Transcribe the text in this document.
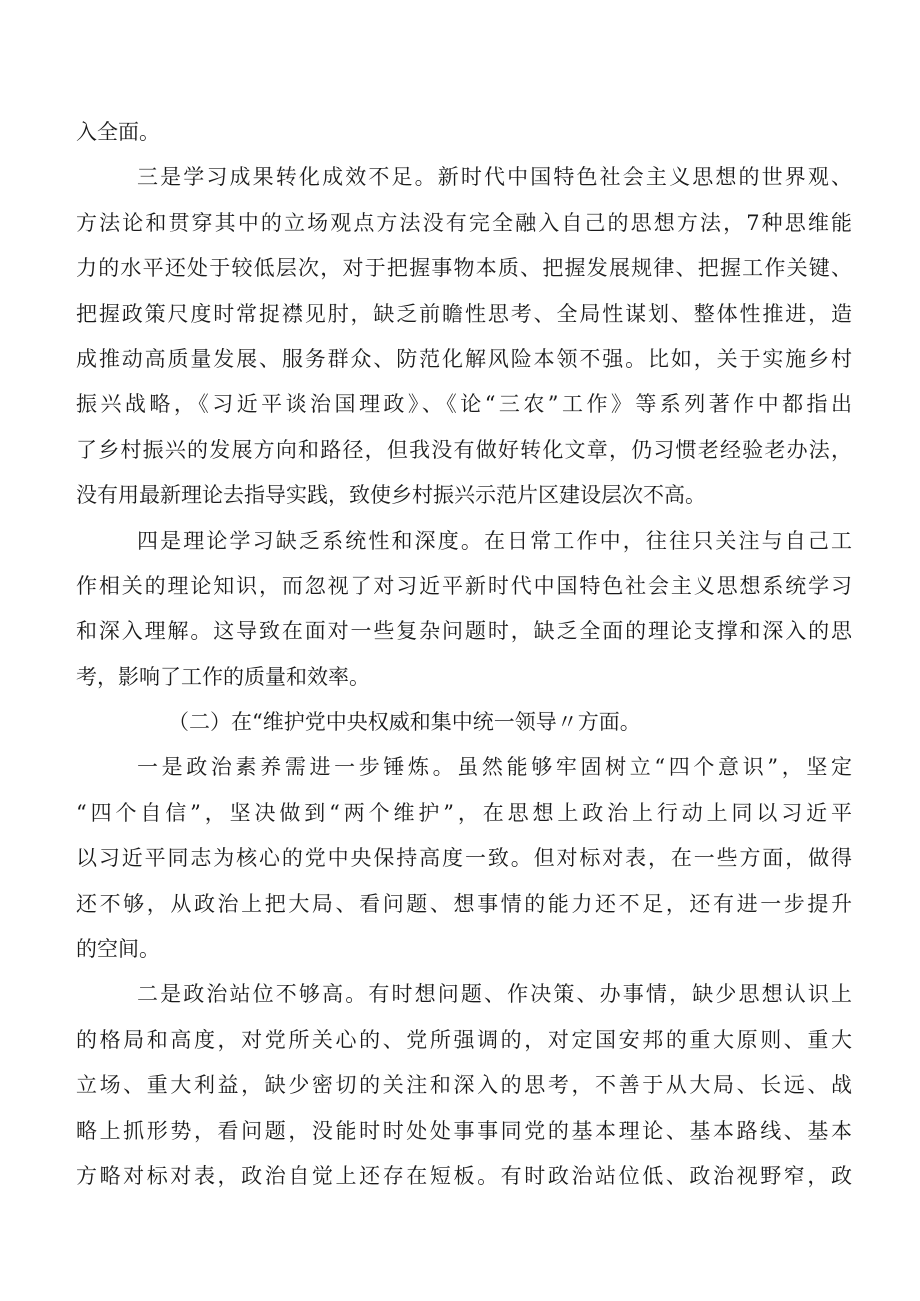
入全面。
三是学习成果转化成效不足。新时代中国特色社会主义思想的世界观、
方法论和贯穿其中的立场观点方法没有完全融入自己的思想方法，7种思维能
力的水平还处于较低层次，对于把握事物本质、把握发展规律、把握工作关键、
把握政策尺度时常捉襟见肘，缺乏前瞻性思考、全局性谋划、整体性推进，造
成推动高质量发展、服务群众、防范化解风险本领不强。比如，关于实施乡村
振兴战略，《习近平谈治国理政》、《论“三农”工作》等系列著作中都指出
了乡村振兴的发展方向和路径，但我没有做好转化文章，仍习惯老经验老办法，
没有用最新理论去指导实践，致使乡村振兴示范片区建设层次不高。
四是理论学习缺乏系统性和深度。在日常工作中，往往只关注与自己工
作相关的理论知识，而忽视了对习近平新时代中国特色社会主义思想系统学习
和深入理解。这导致在面对一些复杂问题时，缺乏全面的理论支撑和深入的思
考，影响了工作的质量和效率。
（二）在“维护党中央权威和集中统一领导〃方面。
一是政治素养需进一步锤炼。虽然能够牢固树立“四个意识”，坚定
“四个自信”，坚决做到“两个维护”，在思想上政治上行动上同以习近平
以习近平同志为核心的党中央保持高度一致。但对标对表，在一些方面，做得
还不够，从政治上把大局、看问题、想事情的能力还不足，还有进一步提升
的空间。
二是政治站位不够高。有时想问题、作决策、办事情，缺少思想认识上
的格局和高度，对党所关心的、党所强调的，对定国安邦的重大原则、重大
立场、重大利益，缺少密切的关注和深入的思考，不善于从大局、长远、战
略上抓形势，看问题，没能时时处处事事同党的基本理论、基本路线、基本
方略对标对表，政治自觉上还存在短板。有时政治站位低、政治视野窄，政
